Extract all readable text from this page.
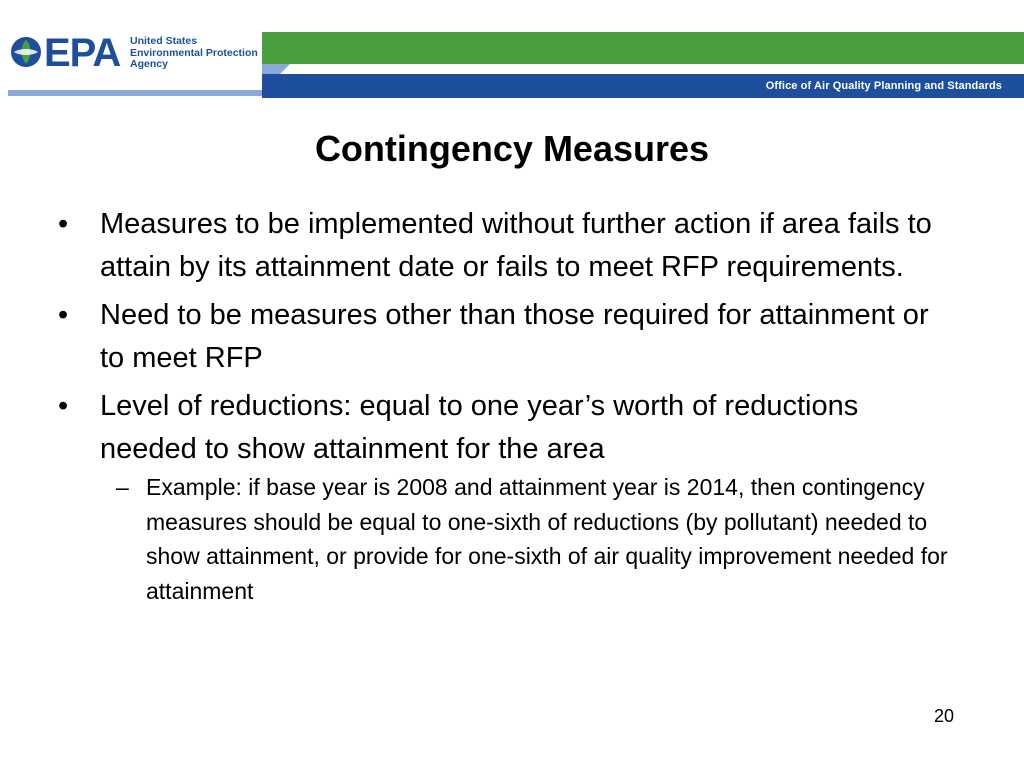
EPA United States
Environmental Protection
Agency
Office of Air Quality Planning and Standards
Contingency Measures
•	Measures to be implemented without further action if area fails to attain by its attainment date or fails to meet RFP requirements.
•	Need to be measures other than those required for attainment or to meet RFP
•	Level of reductions: equal to one year’s worth of reductions needed to show attainment for the area
– Example: if base year is 2008 and attainment year is 2014, then contingency measures should be equal to one-sixth of reductions (by pollutant) needed to show attainment, or provide for one-sixth of air quality improvement needed for attainment
20
